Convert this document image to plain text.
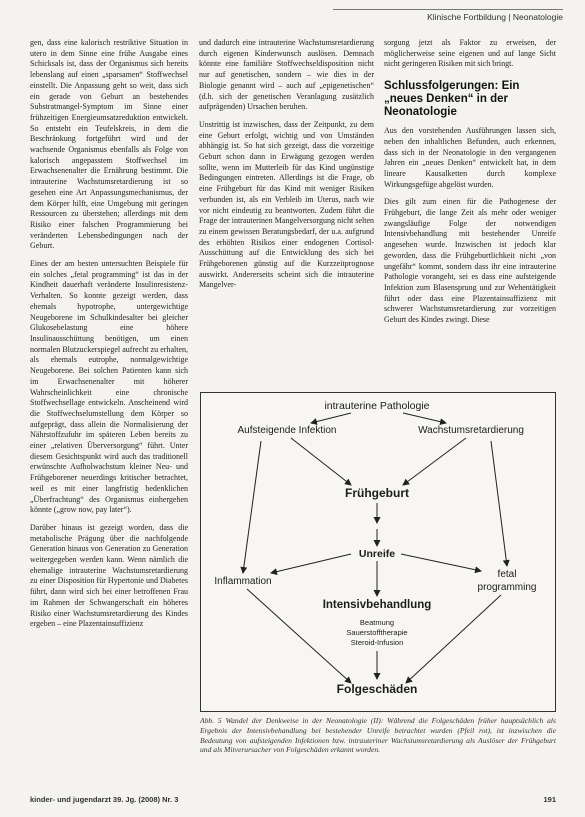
Klinische Fortbildung | Neonatologie

gen, dass eine kalorisch restriktive Situation in utero in dem Sinne eine frühe Ausgabe eines Schicksals ist, dass der Organismus sich bereits lebenslang auf einen „sparsamen“ Stoffwechsel einstellt. Die Anpassung geht so weit, dass sich ein gerade von Geburt an bestehendes Substratmangel-Symptom im Sinne einer frühzeitigen Energieumsatzreduktion entwickelt. So entsteht ein Teufelskreis, in dem die Beschränkung fortgeführt wird und der wachsende Organismus ebenfalls als Folge von kalorisch angepasstem Stoffwechsel im Erwachsenenalter die Ernährung bestimmt. Die intrauterine Wachstumsretardierung ist so gesehen eine Art Anpassungsmechanismus, der dem Körper hilft, eine Umgebung mit geringen Ressourcen zu überstehen; allerdings mit dem Risiko einer falschen Programmierung bei veränderten Lebensbedingungen nach der Geburt.

Eines der am besten untersuchten Beispiele für ein solches „fetal programming“ ist das in der Kindheit dauerhaft veränderte Insulinresistenz-Verhalten. So konnte gezeigt werden, dass ehemals hypotrophe, untergewichtige Neugeborene im Schulkindesalter bei gleicher Glukosebelastung eine höhere Insulinausschüttung benötigen, um einen normalen Blutzuckerspiegel aufrecht zu erhalten, als ehemals eutrophe, normalgewichtige Neugeborene. Bei solchen Patienten kann sich im Erwachsenenalter mit höherer Wahrscheinlichkeit eine chronische Stoffwechsellage entwickeln. Anscheinend wird die Stoffwechselumstellung dem Körper so aufgeprägt, dass allein die Normalisierung der Nährstoffzufuhr im späteren Leben bereits zu einer „relativen Überversorgung“ führt. Unter diesem Gesichtspunkt wird auch das traditionell erwünschte Aufholwachstum kleiner Neu- und Frühgeborener neuerdings kritischer betrachtet, weil es mit einer langfristig bedenklichen „Überfrachtung“ des Organismus einhergehen könnte („grow now, pay later“).

Darüber hinaus ist gezeigt worden, dass die metabolische Prägung über die nachfolgende Generation hinaus von Generation zu Generation weitergegeben werden kann. Wenn nämlich die ehemalige intrauterine Wachstumsretardierung zu einer Disposition für Hypertonie und Diabetes führt, dann wird sich bei einer betroffenen Frau im Rahmen der Schwangerschaft ein höheres Risiko einer Wachstumsretardierung des Kindes ergeben – eine Plazentainsuffizienz

und dadurch eine intrauterine Wachstumsretardierung durch eigenen Kinderwunsch auslösen. Demnach könnte eine familiäre Stoffwechseldisposition nicht nur auf genetischen, sondern – wie dies in der Biologie genannt wird – auch auf „epigenetischen“ (d.h. sich der genetischen Veranlagung zusätzlich aufprägenden) Ursachen beruhen.

Unstrittig ist inzwischen, dass der Zeitpunkt, zu dem eine Geburt erfolgt, wichtig und von Umständen abhängig ist. So hat sich gezeigt, dass die vorzeitige Geburt schon dann in Erwägung gezogen werden sollte, wenn im Mutterleib für das Kind ungünstige Bedingungen eintreten. Allerdings ist die Frage, ob eine Frühgeburt für das Kind mit weniger Risiken verbunden ist, als ein Verbleib im Uterus, nach wie vor nicht eindeutig zu beantworten. Zudem führt die Frage der intrauterinen Mangelversorgung nicht selten zu einem gewissen Beratungsbedarf, der u.a. aufgrund des erhöhten Risikos einer endogenen Cortisol-Ausschüttung auf die Entwicklung des sich bei Frühgeborenen günstig auf die Kurzzeitprognose auswirkt. Andererseits scheint sich die intrauterine Mangelver-

sorgung jetzt als Faktor zu erweisen, der möglicherweise seine eigenen und auf lange Sicht nicht geringeren Risiken mit sich bringt.

Schlussfolgerungen: Ein „neues Denken“ in der Neonatologie

Aus den vorstehenden Ausführungen lassen sich, neben den inhaltlichen Befunden, auch erkennen, dass sich in der Neonatologie in den vergangenen Jahren ein „neues Denken“ entwickelt hat, in dem lineare Kausalketten durch komplexe Wirkungsgefüge abgelöst wurden.

Dies gilt zum einen für die Pathogenese der Frühgeburt, die lange Zeit als mehr oder weniger zwangsläufige Folge der notwendigen Intensivbehandlung mit bestehender Unreife angesehen wurde. Inzwischen ist jedoch klar geworden, dass die Frühgeburtlichkeit nicht „von ungefähr“ kommt, sondern dass ihr eine intrauterine Pathologie vorangeht, sei es dass eine aufsteigende Infektion zum Blasensprung und zur Wehentätigkeit führt oder dass eine Plazentainsuffizienz mit schwerer Wachstumsretardierung zur vorzeitigen Geburt des Kindes zwingt. Diese

intrauterine Pathologie
Aufsteigende Infektion	Wachstumsretardierung
Frühgeburt
Unreife
Inflammation
fetal
programming
Intensivbehandlung
Beatmung
Sauerstofftherapie
Steroid-Infusion
Folgeschäden
Abb. 5 Wandel der Denkweise in der Neonatologie (II): Während die Folgeschäden früher hauptsächlich als Ergebnis der Intensivbehandlung bei bestehender Unreife betrachtet wurden (Pfeil rot), ist inzwischen die Bedeutung von aufsteigenden Infektionen bzw. intrauteriner Wachstumsretardierung als Auslöser der Frühgeburt und als Mitverursacher von Folgeschäden erkannt worden.
kinder- und jugendarzt 39. Jg. (2008) Nr. 3	191
